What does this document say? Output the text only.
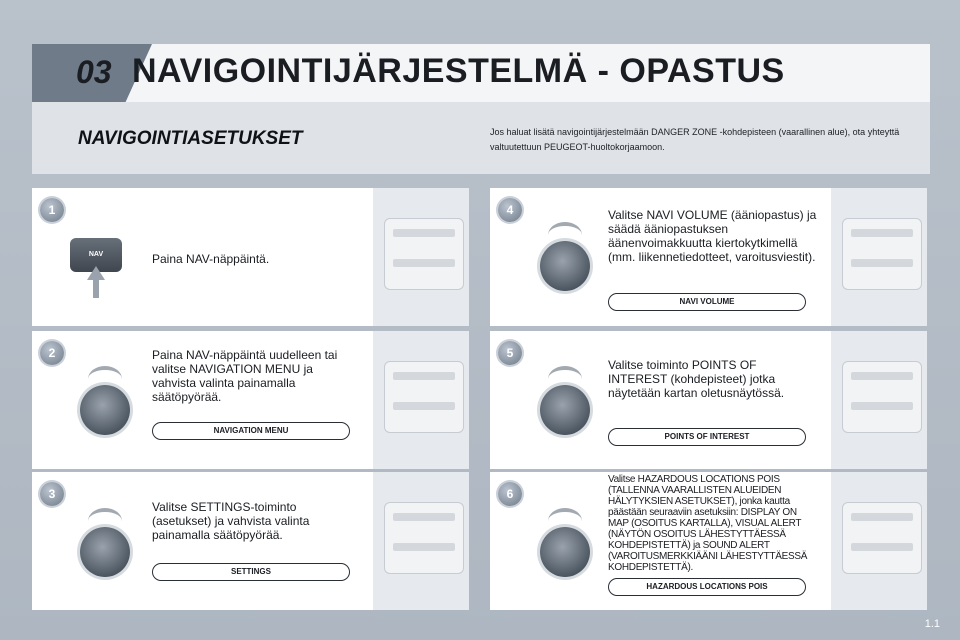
03 NAVIGOINTIJÄRJESTELMÄ - OPASTUS
NAVIGOINTIASETUKSET	Jos haluat lisätä navigointijärjestelmään DANGER ZONE -kohdepisteen (vaarallinen alue), ota yhteyttä valtuutettuun PEUGEOT-huoltokorjaamoon.
1
NAV	Paina NAV-näppäintä.
2	Paina NAV-näppäintä uudelleen tai valitse NAVIGATION MENU ja vahvista valinta painamalla säätöpyörää.
NAVIGATION MENU
3
Valitse SETTINGS-toiminto (asetukset) ja vahvista valinta painamalla säätöpyörää.
SETTINGS
4	Valitse NAVI VOLUME (ääniopastus) ja säädä ääniopastuksen äänenvoimakkuutta kiertokytkimellä (mm. liikennetiedotteet, varoitusviestit).
NAVI VOLUME
5
Valitse toiminto POINTS OF INTEREST (kohdepisteet) jotka näytetään kartan oletusnäytössä.
POINTS OF INTEREST
6
Valitse HAZARDOUS LOCATIONS POIS (TALLENNA VAARALLISTEN ALUEIDEN HÄLYTYKSIEN ASETUKSET), jonka kautta päästään seuraaviin asetuksiin: DISPLAY ON MAP (OSOITUS KARTALLA), VISUAL ALERT (NÄYTÖN OSOITUS LÄHESTYTTÄESSÄ KOHDEPISTETTÄ) ja SOUND ALERT (VAROITUSMERKKIÄÄNI LÄHESTYTTÄESSÄ KOHDEPISTETTÄ).
HAZARDOUS LOCATIONS POIS
1.1
